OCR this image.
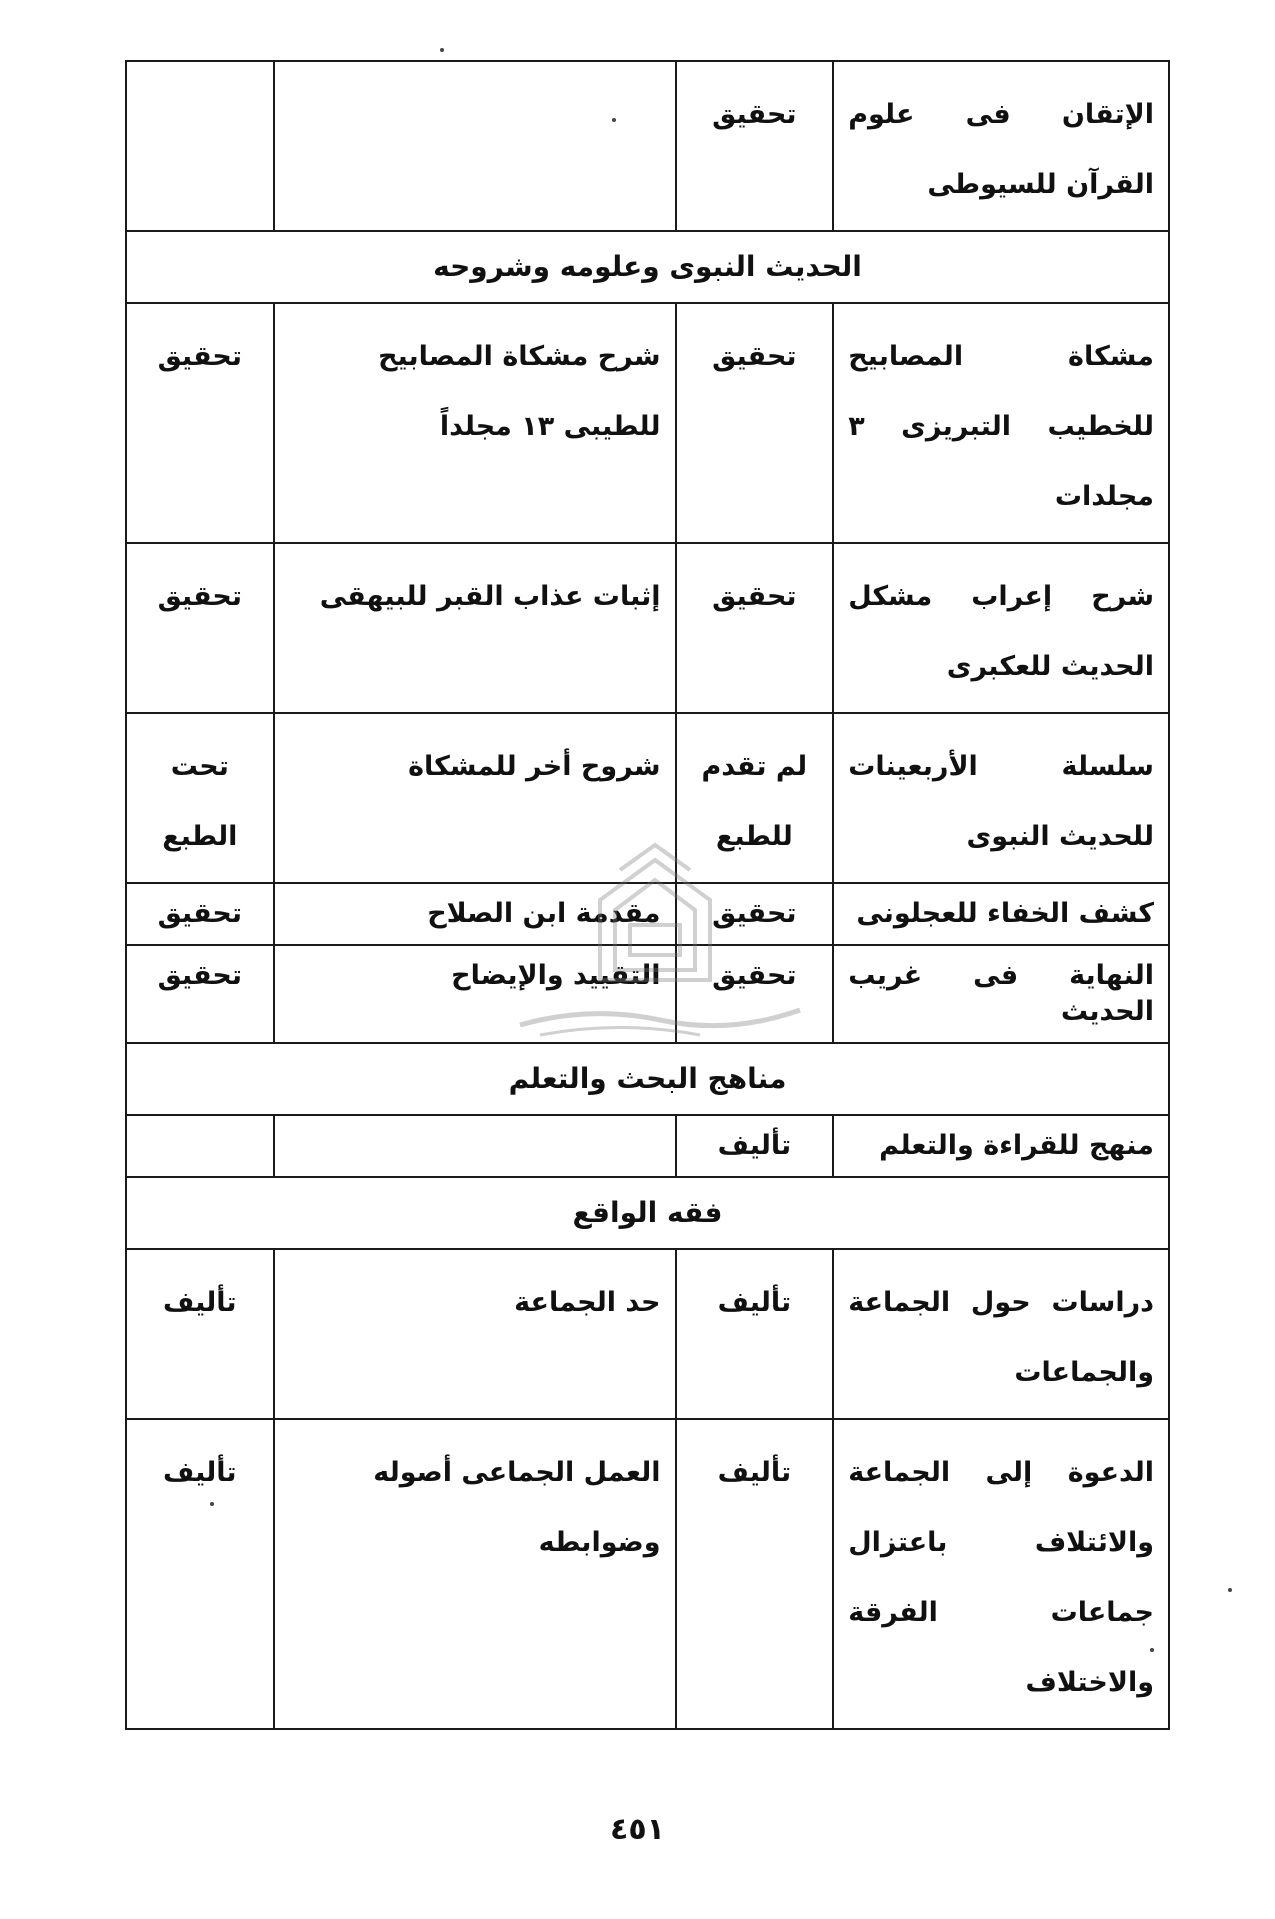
الإتقان فى علوم القرآن للسيوطى	تحقيق		
الحديث النبوى وعلومه وشروحه			
مشكاة المصابيح للخطيب التبريزى ٣ مجلدات	تحقيق	شرح مشكاة المصابيح للطيبى ١٣ مجلداً	تحقيق
شرح إعراب مشكل الحديث للعكبرى	تحقيق	إثبات عذاب القبر للبيهقى	تحقيق
سلسلة الأربعينات للحديث النبوى	لم تقدم للطبع	شروح أخر للمشكاة	تحت الطبع
كشف الخفاء للعجلونى	تحقيق	مقدمة ابن الصلاح	تحقيق
النهاية فى غريب الحديث	تحقيق	التقييد والإيضاح	تحقيق
مناهج البحث والتعلم			
منهج للقراءة والتعلم	تأليف		
فقه الواقع			
دراسات حول الجماعة والجماعات	تأليف	حد الجماعة	تأليف
الدعوة إلى الجماعة والائتلاف باعتزال جماعات الفرقة والاختلاف	تأليف	العمل الجماعى أصوله وضوابطه	تأليف
٤٥١
